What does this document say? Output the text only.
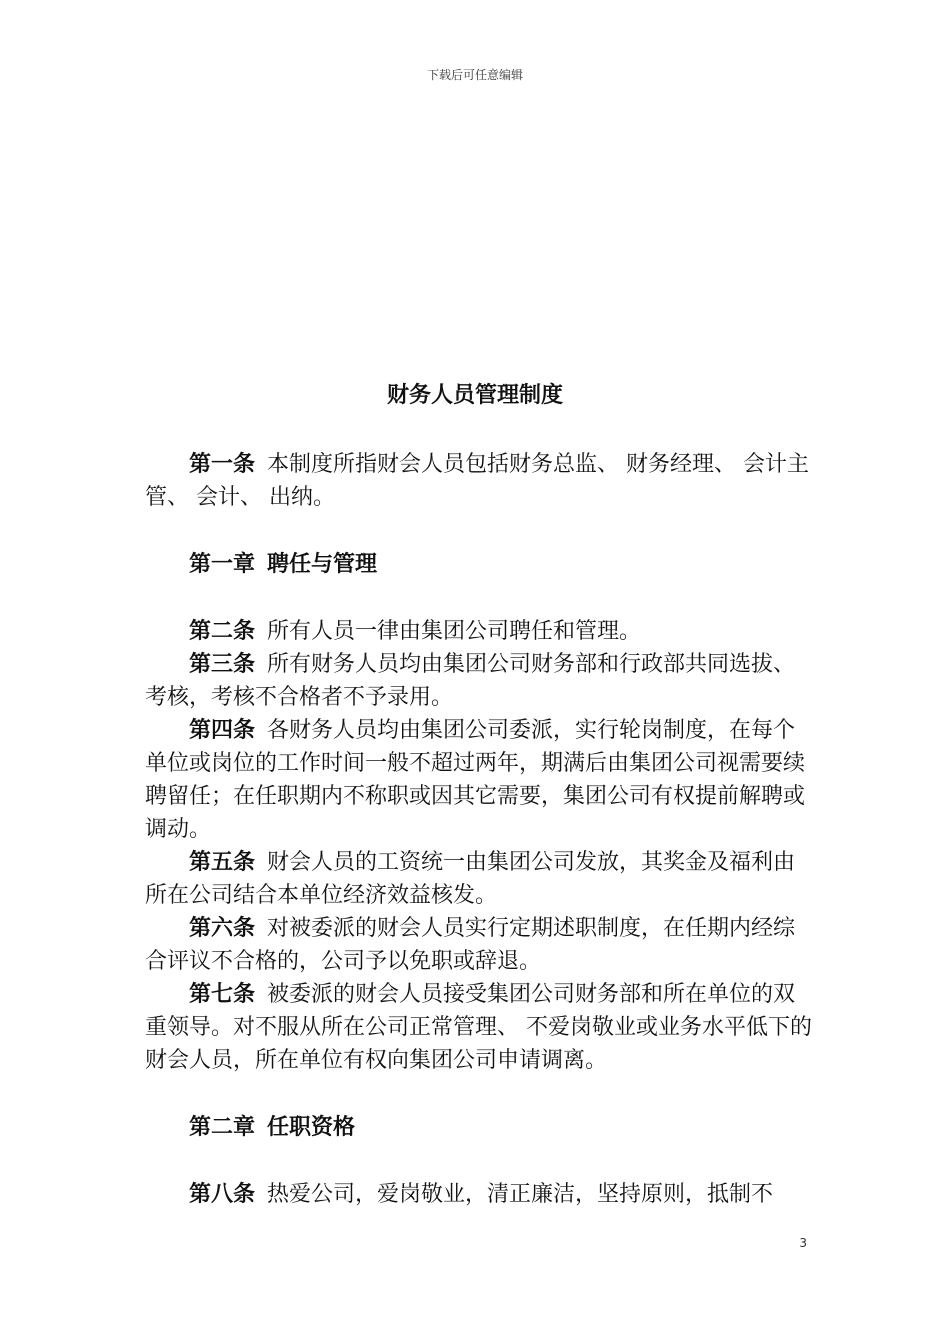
下载后可任意编辑
财务人员管理制度

第一条 本制度所指财会人员包括财务总监、 财务经理、 会计主管、 会计、 出纳。

第一章 聘任与管理

第二条 所有人员一律由集团公司聘任和管理。

第三条 所有财务人员均由集团公司财务部和行政部共同选拔、 考核，考核不合格者不予录用。

第四条 各财务人员均由集团公司委派，实行轮岗制度，在每个单位或岗位的工作时间一般不超过两年，期满后由集团公司视需要续聘留任；在任职期内不称职或因其它需要，集团公司有权提前解聘或调动。

第五条 财会人员的工资统一由集团公司发放，其奖金及福利由所在公司结合本单位经济效益核发。

第六条 对被委派的财会人员实行定期述职制度，在任期内经综合评议不合格的，公司予以免职或辞退。

第七条 被委派的财会人员接受集团公司财务部和所在单位的双重领导。对不服从所在公司正常管理、 不爱岗敬业或业务水平低下的财会人员，所在单位有权向集团公司申请调离。

第二章 任职资格

第八条 热爱公司，爱岗敬业，清正廉洁，坚持原则，抵制不

3
